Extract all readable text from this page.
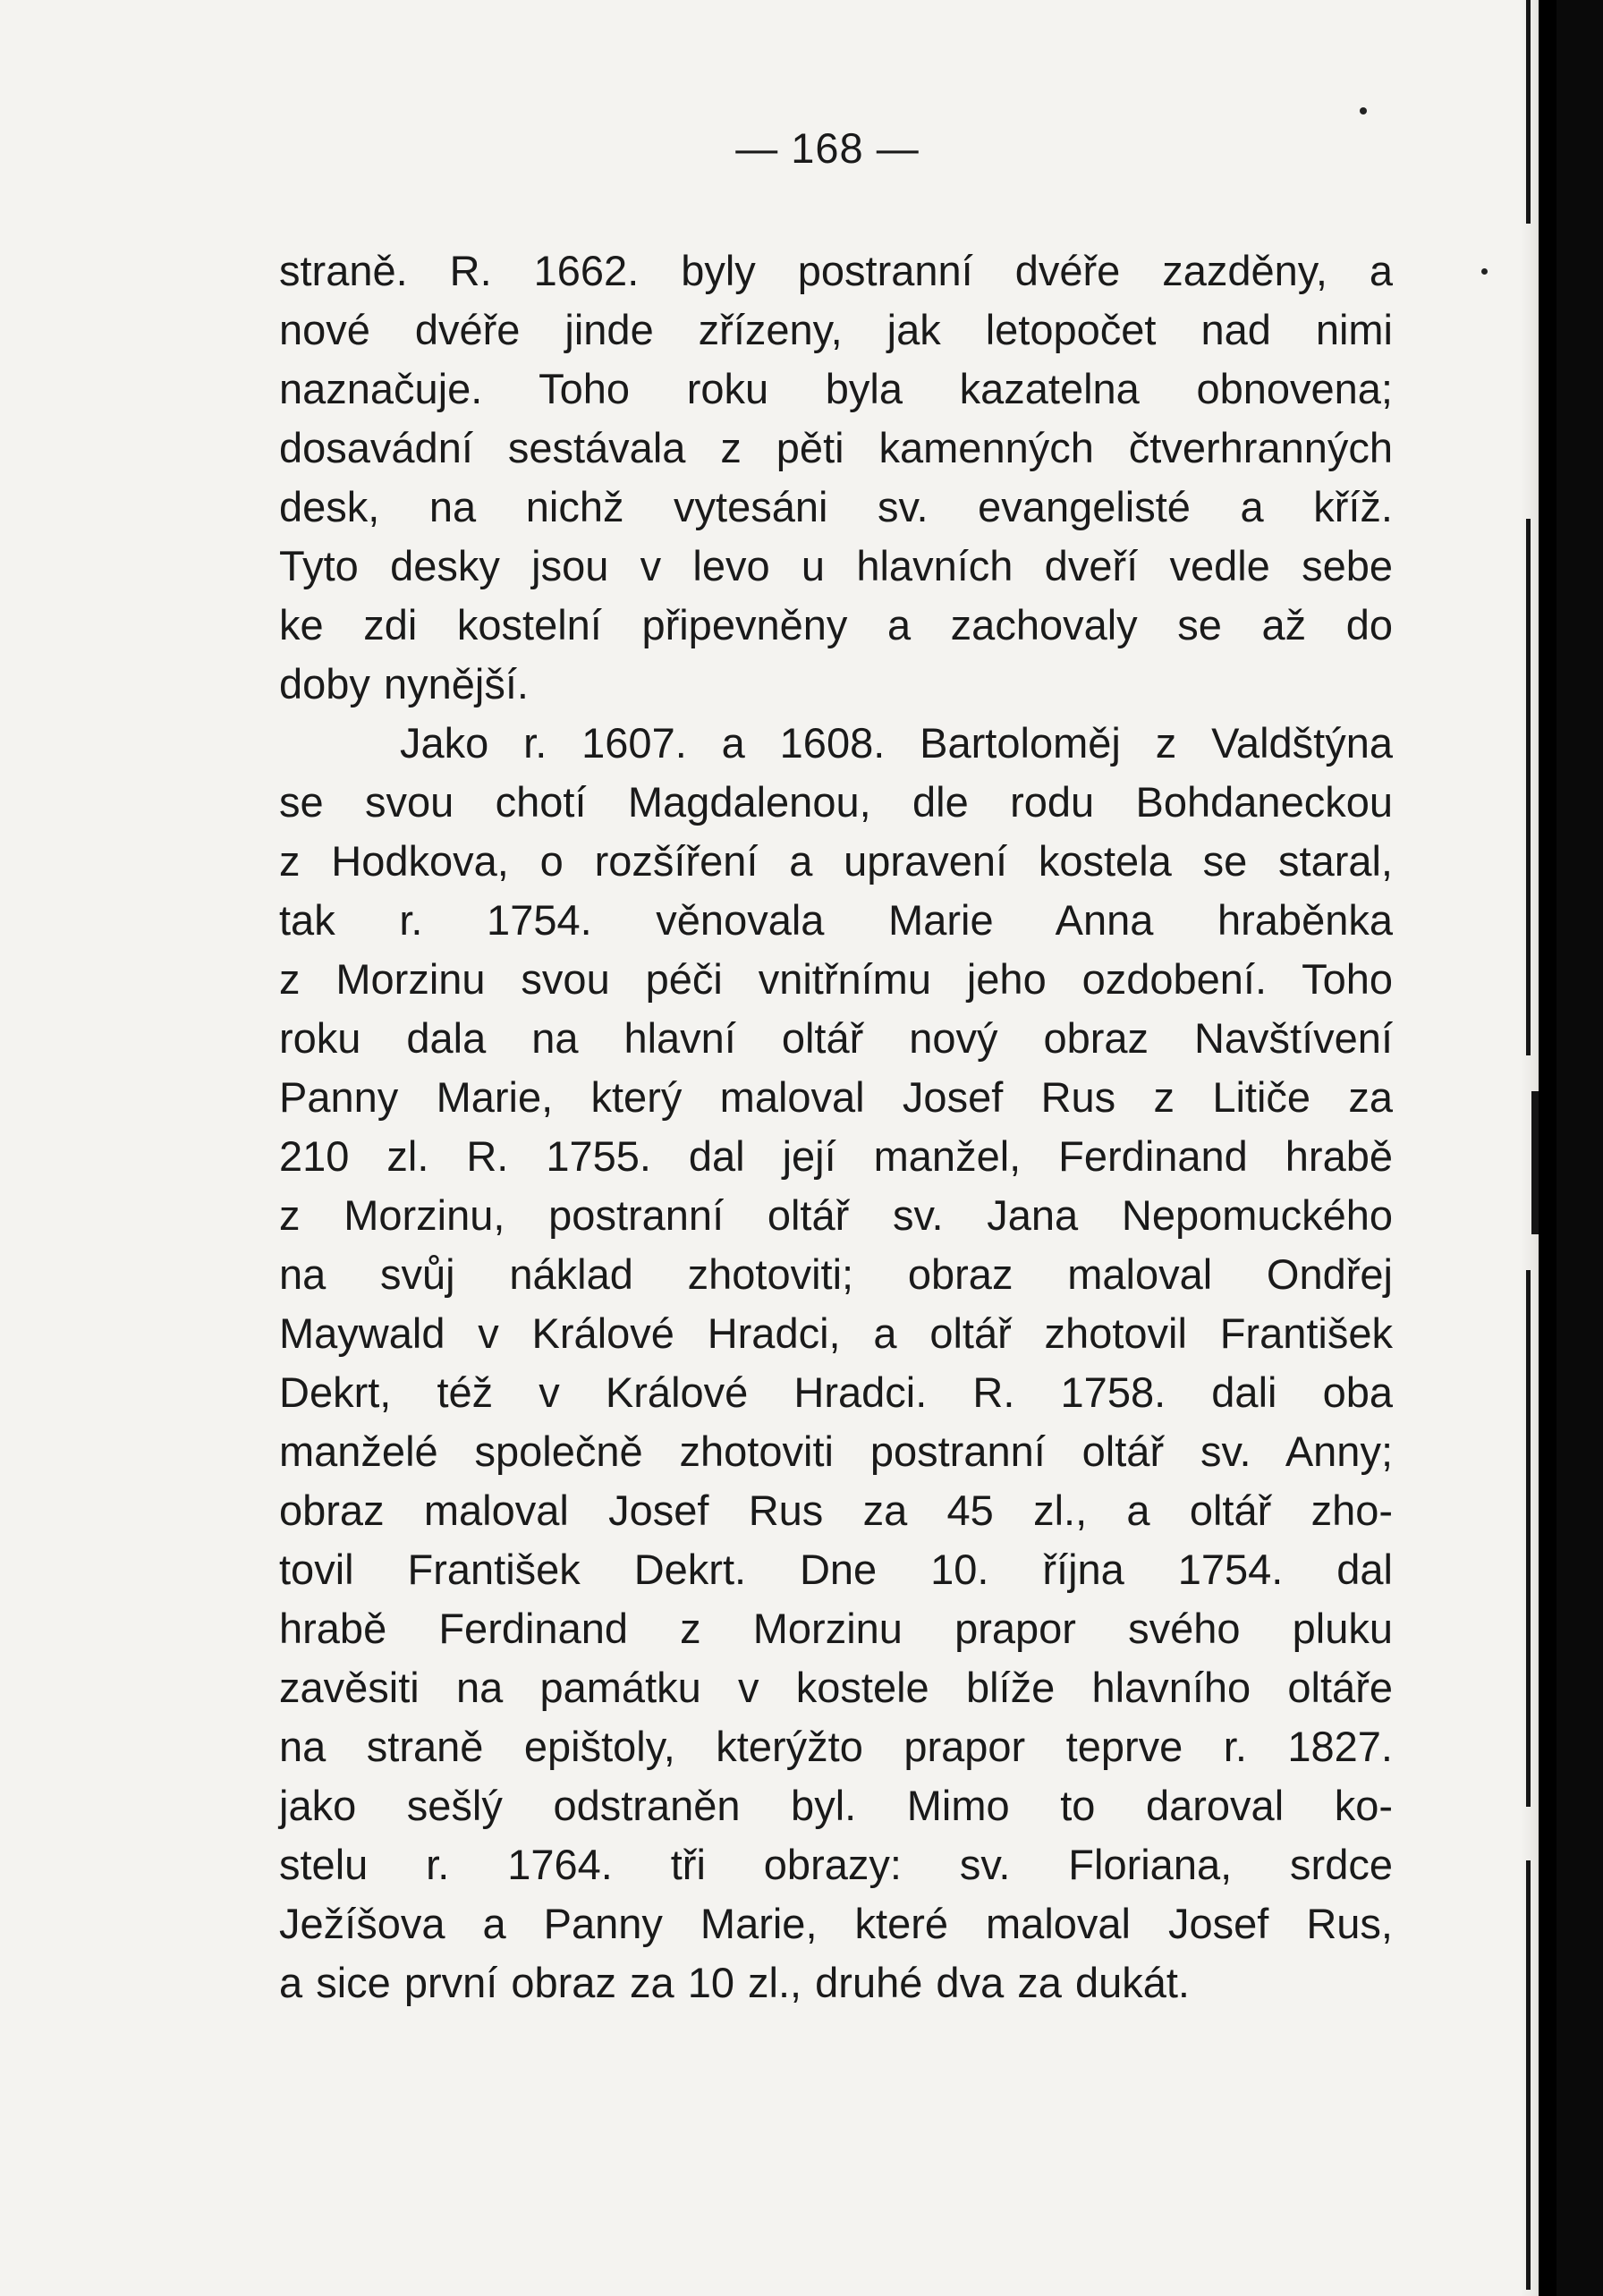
— 168 —
straně. R. 1662. byly postranní dvéře zazděny, a
nové dvéře jinde zřízeny, jak letopočet nad nimi
naznačuje. Toho roku byla kazatelna obnovena;
dosavádní sestávala z pěti kamenných čtverhranných
desk, na nichž vytesáni sv. evangelisté a kříž.
Tyto desky jsou v levo u hlavních dveří vedle sebe
ke zdi kostelní připevněny a zachovaly se až do
doby nynější.
Jako r. 1607. a 1608. Bartoloměj z Valdštýna
se svou chotí Magdalenou, dle rodu Bohdaneckou
z Hodkova, o rozšíření a upravení kostela se staral,
tak r. 1754. věnovala Marie Anna hraběnka
z Morzinu svou péči vnitřnímu jeho ozdobení. Toho
roku dala na hlavní oltář nový obraz Navštívení
Panny Marie, který maloval Josef Rus z Litiče za
210 zl. R. 1755. dal její manžel, Ferdinand hrabě
z Morzinu, postranní oltář sv. Jana Nepomuckého
na svůj náklad zhotoviti; obraz maloval Ondřej
Maywald v Králové Hradci, a oltář zhotovil František
Dekrt, též v Králové Hradci. R. 1758. dali oba
manželé společně zhotoviti postranní oltář sv. Anny;
obraz maloval Josef Rus za 45 zl., a oltář zho-
tovil František Dekrt. Dne 10. října 1754. dal
hrabě Ferdinand z Morzinu prapor svého pluku
zavěsiti na památku v kostele blíže hlavního oltáře
na straně epištoly, kterýžto prapor teprve r. 1827.
jako sešlý odstraněn byl. Mimo to daroval ko-
stelu r. 1764. tři obrazy: sv. Floriana, srdce
Ježíšova a Panny Marie, které maloval Josef Rus,
a sice první obraz za 10 zl., druhé dva za dukát.
